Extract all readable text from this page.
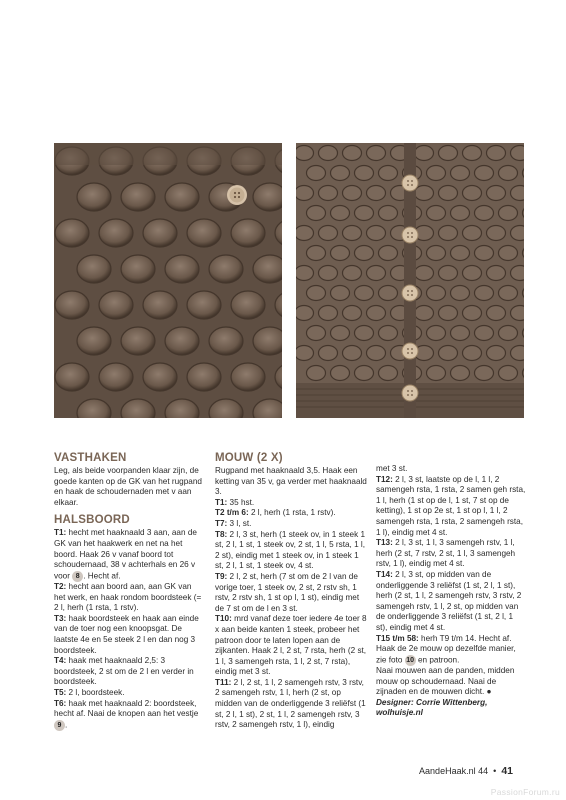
VASTHAKEN

Leg, als beide voorpanden klaar zijn, de goede kanten op de GK van het rugpand en haak de schoudernaden met v aan elkaar.

HALSBOORD

T1: hecht met haaknaald 3 aan, aan de GK van het haakwerk en net na het boord. Haak 26 v vanaf boord tot schoudernaad, 38 v achterhals en 26 v voor 8 . Hecht af.

T2: hecht aan boord aan, aan GK van het werk, en haak rondom boordsteek (= 2 l, herh (1 rsta, 1 rstv).

T3: haak boordsteek en haak aan einde van de toer nog een knoopsgat. De laatste 4e en 5e steek 2 l en dan nog 3 boordsteek.

T4: haak met haaknaald 2,5: 3 boordsteek, 2 st om de 2 l en verder in boordsteek.

T5: 2 l, boordsteek.

T6: haak met haaknaald 2: boordsteek, hecht af. Naai de knopen aan het vestje 9 .

MOUW (2 X)

Rugpand met haaknaald 3,5. Haak een ketting van 35 v, ga verder met haaknaald 3.

T1: 35 hst.

T2 t/m 6: 2 l, herh (1 rsta, 1 rstv).

T7: 3 l, st.

T8: 2 l, 3 st, herh (1 steek ov, in 1 steek 1 st, 2 l, 1 st, 1 steek ov, 2 st, 1 l, 5 rsta, 1 l, 2 st), eindig met 1 steek ov, in 1 steek 1 st, 2 l, 1 st, 1 steek ov, 4 st.

T9: 2 l, 2 st, herh (7 st om de 2 l van de vorige toer, 1 steek ov, 2 st, 2 rstv sh, 1 rstv, 2 rstv sh, 1 st op l, 1 st), eindig met de 7 st om de l en 3 st.

T10: mrd vanaf deze toer iedere 4e toer 8 x aan beide kanten 1 steek, probeer het patroon door te laten lopen aan de zijkanten. Haak 2 l, 2 st, 7 rsta, herh (2 st, 1 l, 3 samengeh rsta, 1 l, 2 st, 7 rsta), eindig met 3 st.

T11: 2 l, 2 st, 1 l, 2 samengeh rstv, 3 rstv, 2 samengeh rstv, 1 l, herh (2 st, op midden van de onderliggende 3 reliëfst (1 st, 2 l, 1 st), 2 st, 1 l, 2 samengeh rstv, 3 rstv, 2 samengeh rstv, 1 l), eindig

met 3 st.

T12: 2 l, 3 st, laatste op de l, 1 l, 2 samengeh rsta, 1 rsta, 2 samen geh rsta, 1 l, herh (1 st op de l, 1 st, 7 st op de ketting), 1 st op 2e st, 1 st op l, 1 l, 2 samengeh rsta, 1 rsta, 2 samengeh rsta, 1 l), eindig met 4 st.

T13: 2 l, 3 st, 1 l, 3 samengeh rstv, 1 l, herh (2 st, 7 rstv, 2 st, 1 l, 3 samengeh rstv, 1 l), eindig met 4 st.

T14: 2 l, 3 st, op midden van de onderliggende 3 reliëfst (1 st, 2 l, 1 st), herh (2 st, 1 l, 2 samengeh rstv, 3 rstv, 2 samengeh rstv, 1 l, 2 st, op midden van de onderliggende 3 reliëfst (1 st, 2 l, 1 st), eindig met 4 st.

T15 t/m 58: herh T9 t/m 14. Hecht af.

Haak de 2e mouw op dezelfde manier, zie foto 10 en patroon.

Naai mouwen aan de panden, midden mouw op schoudernaad. Naai de zijnaden en de mouwen dicht. ●

Designer: Corrie Wittenberg,

wolhuisje.nl

AandeHaak.nl 44 • 41
PassionForum.ru
